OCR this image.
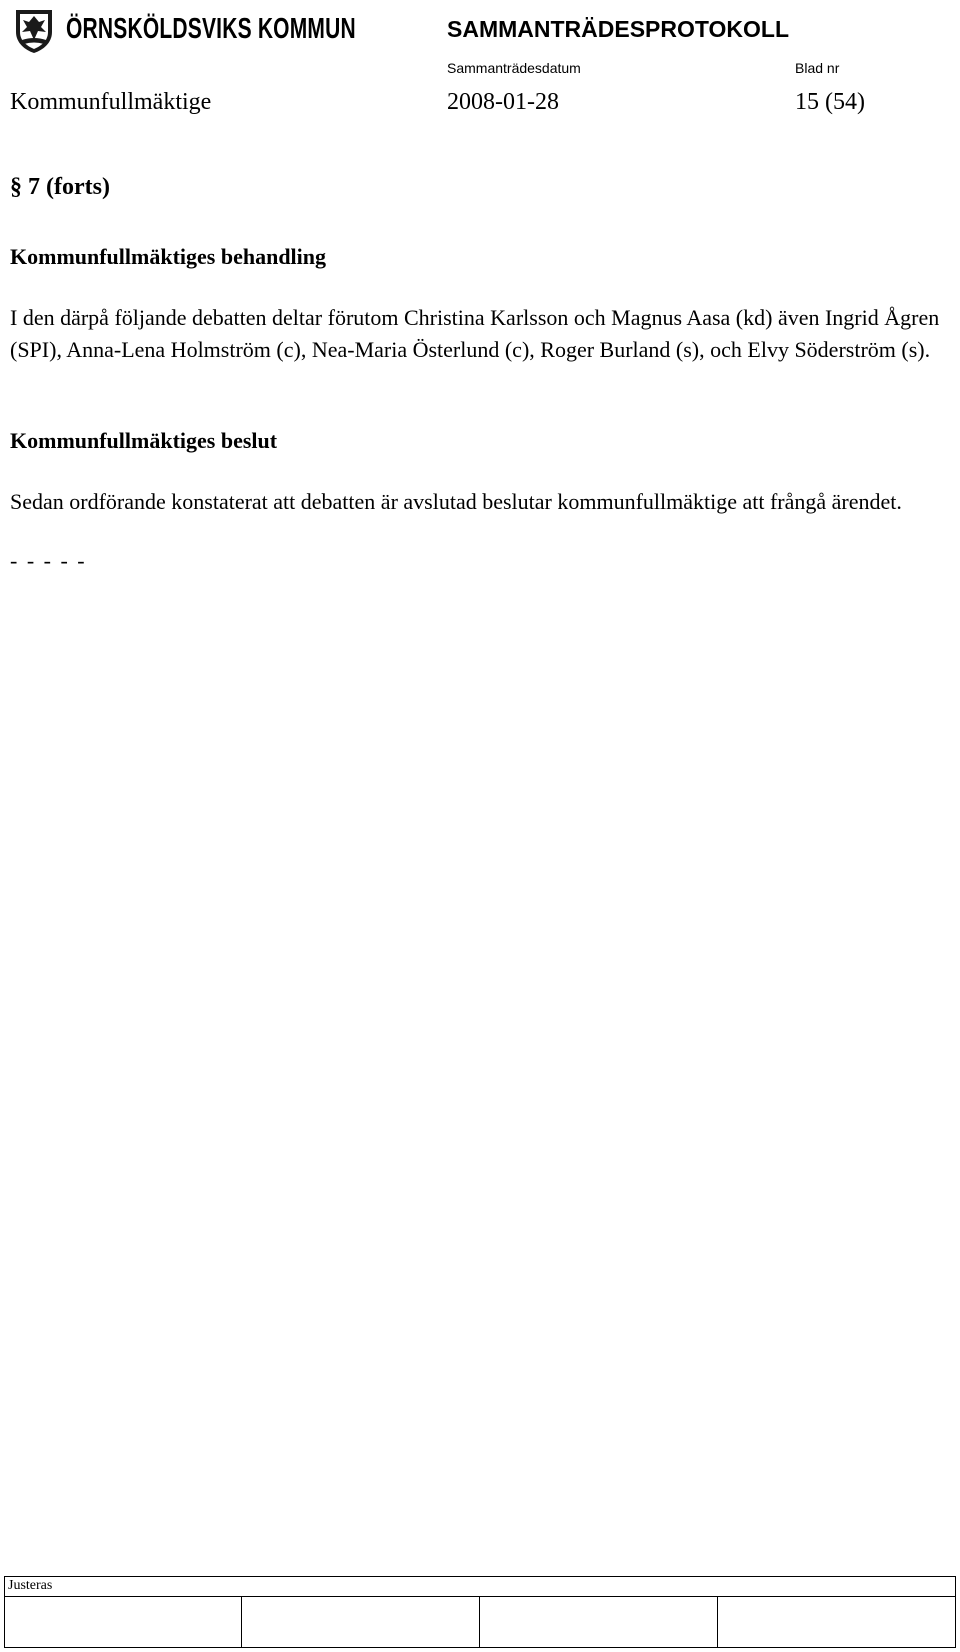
ÖRNSKÖLDSVIKS KOMMUN	SAMMANTRÄDESPROTOKOLL
Sammanträdesdatum	Blad nr
Kommunfullmäktige	2008-01-28	15 (54)
§ 7 (forts)
Kommunfullmäktiges behandling

I den därpå följande debatten deltar förutom Christina Karlsson och Magnus Aasa (kd) även Ingrid Ågren (SPI), Anna-Lena Holmström (c), Nea-Maria Österlund (c), Roger Burland (s), och Elvy Söderström (s).

Kommunfullmäktiges beslut

Sedan ordförande konstaterat att debatten är avslutad beslutar kommunfullmäktige att frångå ärendet.

- - - - -
Justeras
